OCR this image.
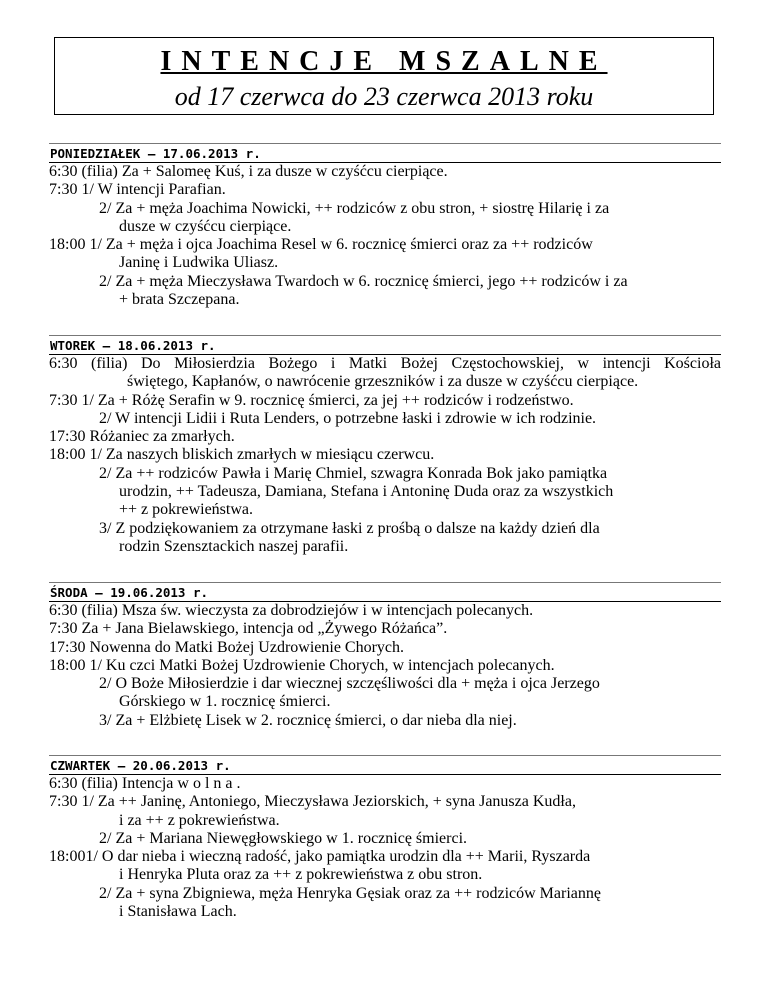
INTENCJE MSZALNE
od 17 czerwca do 23 czerwca 2013 roku
PONIEDZIAŁEK – 17.06.2013 r.
6:30 (filia) Za + Salomeę Kuś, i za dusze w czyśćcu cierpiące.
7:30 1/ W intencji Parafian.
2/ Za + męża Joachima Nowicki, ++ rodziców z obu stron, + siostrę Hilarię i za
dusze w czyśćcu cierpiące.
18:00 1/ Za + męża i ojca Joachima Resel w 6. rocznicę śmierci oraz za ++ rodziców
Janinę i Ludwika Uliasz.
2/ Za + męża Mieczysława Twardoch w 6. rocznicę śmierci, jego ++ rodziców i za
+ brata Szczepana.
WTOREK – 18.06.2013 r.
6:30 (filia) Do Miłosierdzia Bożego i Matki Bożej Częstochowskiej, w intencji Kościoła
świętego, Kapłanów, o nawrócenie grzeszników i za dusze w czyśćcu cierpiące.
7:30 1/ Za + Różę Serafin w 9. rocznicę śmierci, za jej ++ rodziców i rodzeństwo.
2/ W intencji Lidii i Ruta Lenders, o potrzebne łaski i zdrowie w ich rodzinie.
17:30 Różaniec za zmarłych.
18:00 1/ Za naszych bliskich zmarłych w miesiącu czerwcu.
2/ Za ++ rodziców Pawła i Marię Chmiel, szwagra Konrada Bok jako pamiątka
urodzin, ++ Tadeusza, Damiana, Stefana i Antoninę Duda oraz za wszystkich
++ z pokrewieństwa.
3/ Z podziękowaniem za otrzymane łaski z prośbą o dalsze na każdy dzień dla
rodzin Szensztackich naszej parafii.
ŚRODA – 19.06.2013 r.
6:30 (filia) Msza św. wieczysta za dobrodziejów i w intencjach polecanych.
7:30 Za + Jana Bielawskiego, intencja od „Żywego Różańca”.
17:30 Nowenna do Matki Bożej Uzdrowienie Chorych.
18:00 1/ Ku czci Matki Bożej Uzdrowienie Chorych, w intencjach polecanych.
2/ O Boże Miłosierdzie i dar wiecznej szczęśliwości dla + męża i ojca Jerzego
Górskiego w 1. rocznicę śmierci.
3/ Za + Elżbietę Lisek w 2. rocznicę śmierci, o dar nieba dla niej.
CZWARTEK – 20.06.2013 r.
6:30 (filia) Intencja w o l n a .
7:30 1/ Za ++ Janinę, Antoniego, Mieczysława Jeziorskich, + syna Janusza Kudła,
i za ++ z pokrewieństwa.
2/ Za + Mariana Niewęgłowskiego w 1. rocznicę śmierci.
18:001/ O dar nieba i wieczną radość, jako pamiątka urodzin dla ++ Marii, Ryszarda
i Henryka Pluta oraz za ++ z pokrewieństwa z obu stron.
2/ Za + syna Zbigniewa, męża Henryka Gęsiak oraz za ++ rodziców Mariannę
i Stanisława Lach.
